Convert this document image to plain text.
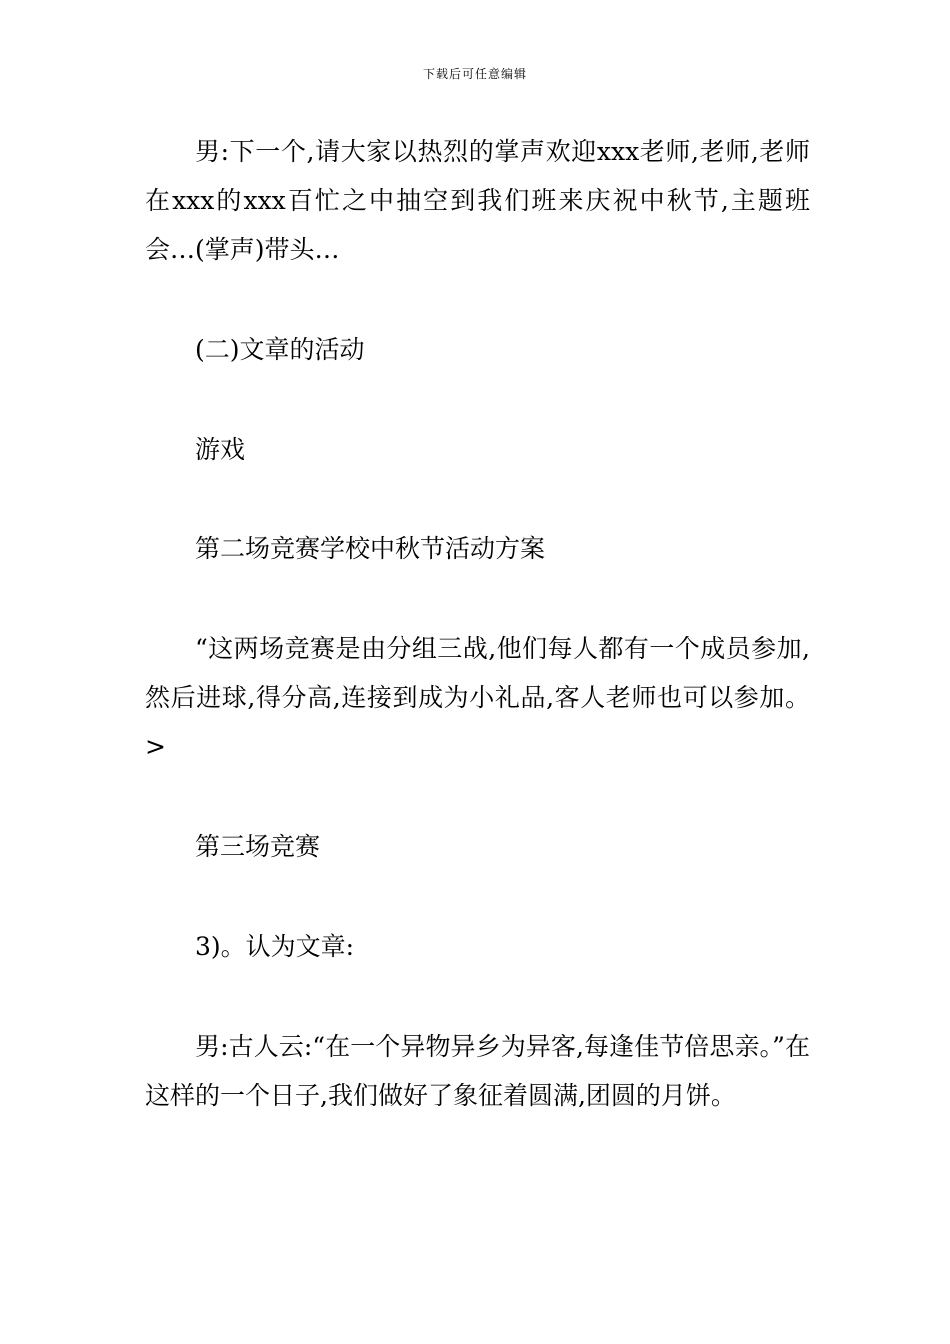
下载后可任意编辑

男:下一个,请大家以热烈的掌声欢迎xxx老师,老师,老师在xxx的xxx百忙之中抽空到我们班来庆祝中秋节,主题班会…(掌声)带头…

(二)文章的活动

游戏

第二场竞赛学校中秋节活动方案

“这两场竞赛是由分组三战,他们每人都有一个成员参加,然后进球,得分高,连接到成为小礼品,客人老师也可以参加。>

第三场竞赛

3)。认为文章:

男:古人云:“在一个异物异乡为异客,每逢佳节倍思亲。”在这样的一个日子,我们做好了象征着圆满,团圆的月饼。
